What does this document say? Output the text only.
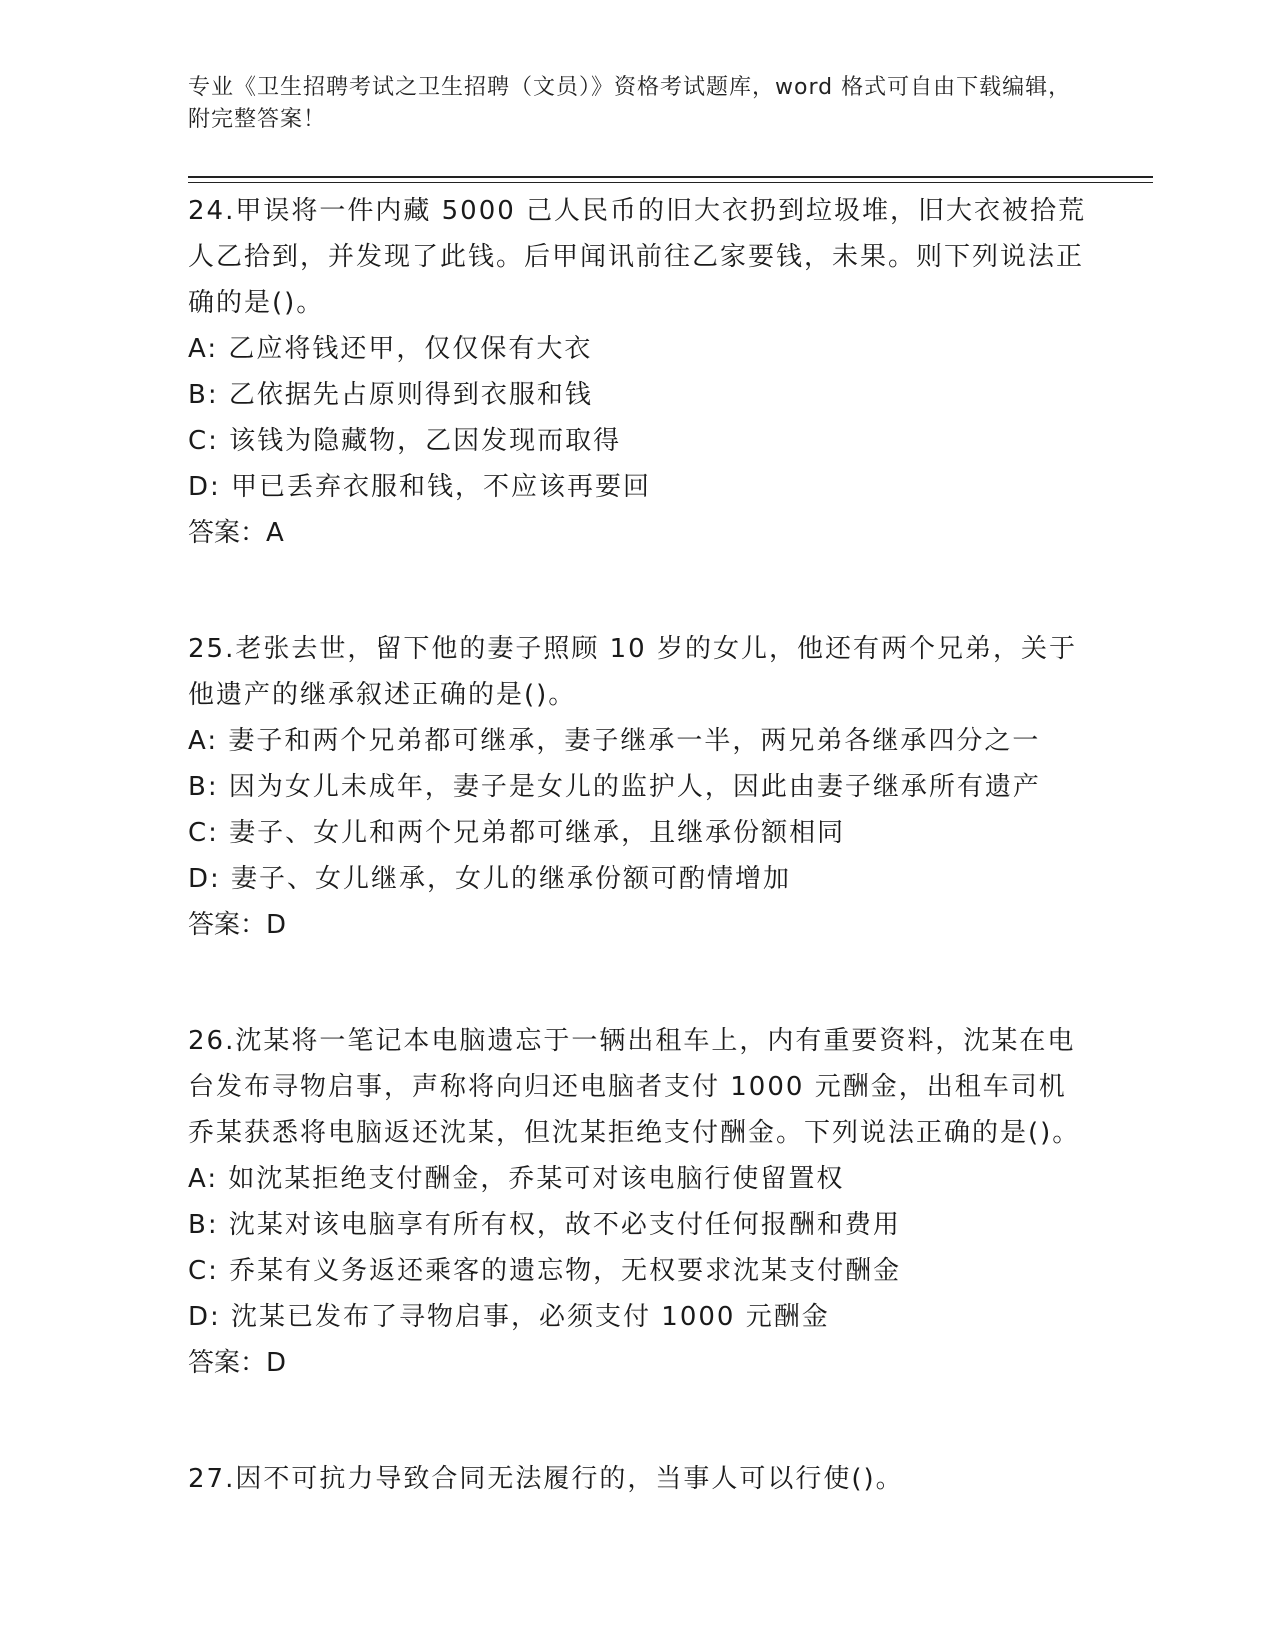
专业《卫生招聘考试之卫生招聘（文员）》资格考试题库，word 格式可自由下载编辑，附完整答案！
24.甲误将一件内藏 5000 己人民币的旧大衣扔到垃圾堆，旧大衣被拾荒人乙拾到，并发现了此钱。后甲闻讯前往乙家要钱，未果。则下列说法正确的是()。
A: 乙应将钱还甲，仅仅保有大衣
B: 乙依据先占原则得到衣服和钱
C: 该钱为隐藏物，乙因发现而取得
D: 甲已丢弃衣服和钱，不应该再要回
答案：A
25.老张去世，留下他的妻子照顾 10 岁的女儿，他还有两个兄弟，关于他遗产的继承叙述正确的是()。
A: 妻子和两个兄弟都可继承，妻子继承一半，两兄弟各继承四分之一
B: 因为女儿未成年，妻子是女儿的监护人，因此由妻子继承所有遗产
C: 妻子、女儿和两个兄弟都可继承，且继承份额相同
D: 妻子、女儿继承，女儿的继承份额可酌情增加
答案：D
26.沈某将一笔记本电脑遗忘于一辆出租车上，内有重要资料，沈某在电台发布寻物启事，声称将向归还电脑者支付 1000 元酬金，出租车司机乔某获悉将电脑返还沈某，但沈某拒绝支付酬金。下列说法正确的是()。
A: 如沈某拒绝支付酬金，乔某可对该电脑行使留置权
B: 沈某对该电脑享有所有权，故不必支付任何报酬和费用
C: 乔某有义务返还乘客的遗忘物，无权要求沈某支付酬金
D: 沈某已发布了寻物启事，必须支付 1000 元酬金
答案：D
27.因不可抗力导致合同无法履行的，当事人可以行使()。
